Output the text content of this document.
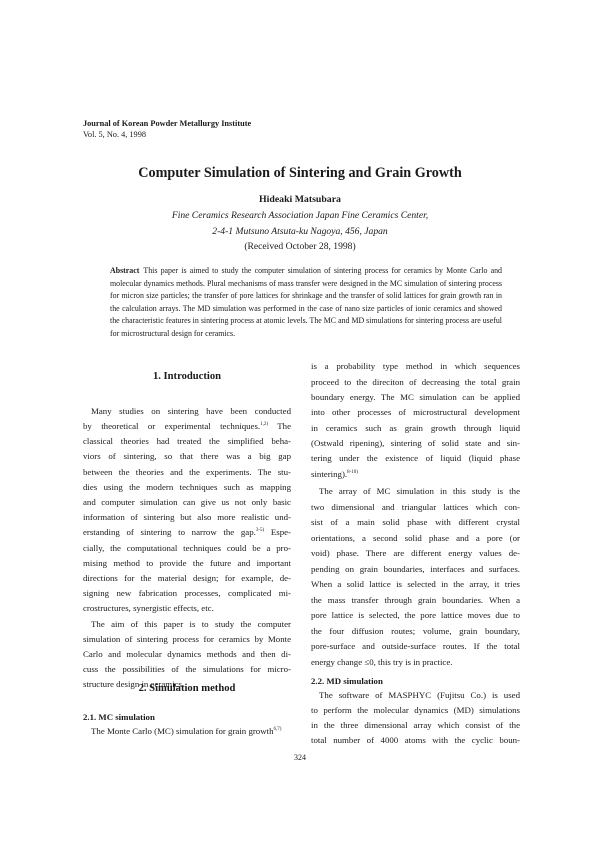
Journal of Korean Powder Metallurgy Institute
Vol. 5, No. 4, 1998
Computer Simulation of Sintering and Grain Growth
Hideaki Matsubara
Fine Ceramics Research Association Japan Fine Ceramics Center,
2-4-1 Mutsuno Atsuta-ku Nagoya, 456, Japan
(Received October 28, 1998)
Abstract This paper is aimed to study the computer simulation of sintering process for ceramics by Monte Carlo and molecular dynamics methods. Plural mechanisms of mass transfer were designed in the MC simulation of sintering process for micron size particles; the transfer of pore lattices for shrinkage and the transfer of solid lattices for grain growth ran in the calculation arrays. The MD simulation was performed in the case of nano size particles of ionic ceramics and showed the characteristic features in sintering process at atomic levels. The MC and MD simulations for sintering process are useful for microstructural design for ceramics.
1. Introduction
Many studies on sintering have been conducted
by theoretical or experimental techniques.$^{1,2)}$ The
classical theories had treated the simplified beha-
viors of sintering, so that there was a big gap
between the theories and the experiments. The stu-
dies using the modern techniques such as mapping
and computer simulation can give us not only basic
information of sintering but also more realistic und-
erstanding of sintering to narrow the gap.$^{3-5)}$ Espe-
cially, the computational techniques could be a pro-
mising method to provide the future and important
directions for the material design; for example, de-
signing new fabrication processes, complicated mi-
crostructures, synergistic effects, etc.
The aim of this paper is to study the computer
simulation of sintering process for ceramics by Monte
Carlo and molecular dynamics methods and then di-
cuss the possibilities of the simulations for micro-
structure design in ceramics.
2. Simulation method
2.1. MC simulation
The Monte Carlo (MC) simulation for grain growth$^{6,7)}$
is a probability type method in which sequences
proceed to the direciton of decreasing the total grain
boundary energy. The MC simulation can be applied
into other processes of microstructural development
in ceramics such as grain growth through liquid
(Ostwald ripening), sintering of solid state and sin-
tering under the existence of liquid (liquid phase
sintering).$^{8-10)}$
The array of MC simulation in this study is the
two dimensional and triangular lattices which con-
sist of a main solid phase with different crystal
orientations, a second solid phase and a pore (or
void) phase. There are different energy values de-
pending on grain boundaries, interfaces and surfaces.
When a solid lattice is selected in the array, it tries
the mass transfer through grain boundaries. When a
pore lattice is selected, the pore lattice moves due to
the four diffusion routes; volume, grain boundary,
pore-surface and outside-surface routes. If the total
energy change ≤0, this try is in practice.
2.2. MD simulation
The software of MASPHYC (Fujitsu Co.) is used
to perform the molecular dynamics (MD) simulations
in the three dimensional array which consist of the
total number of 4000 atoms with the cyclic boun-
324
